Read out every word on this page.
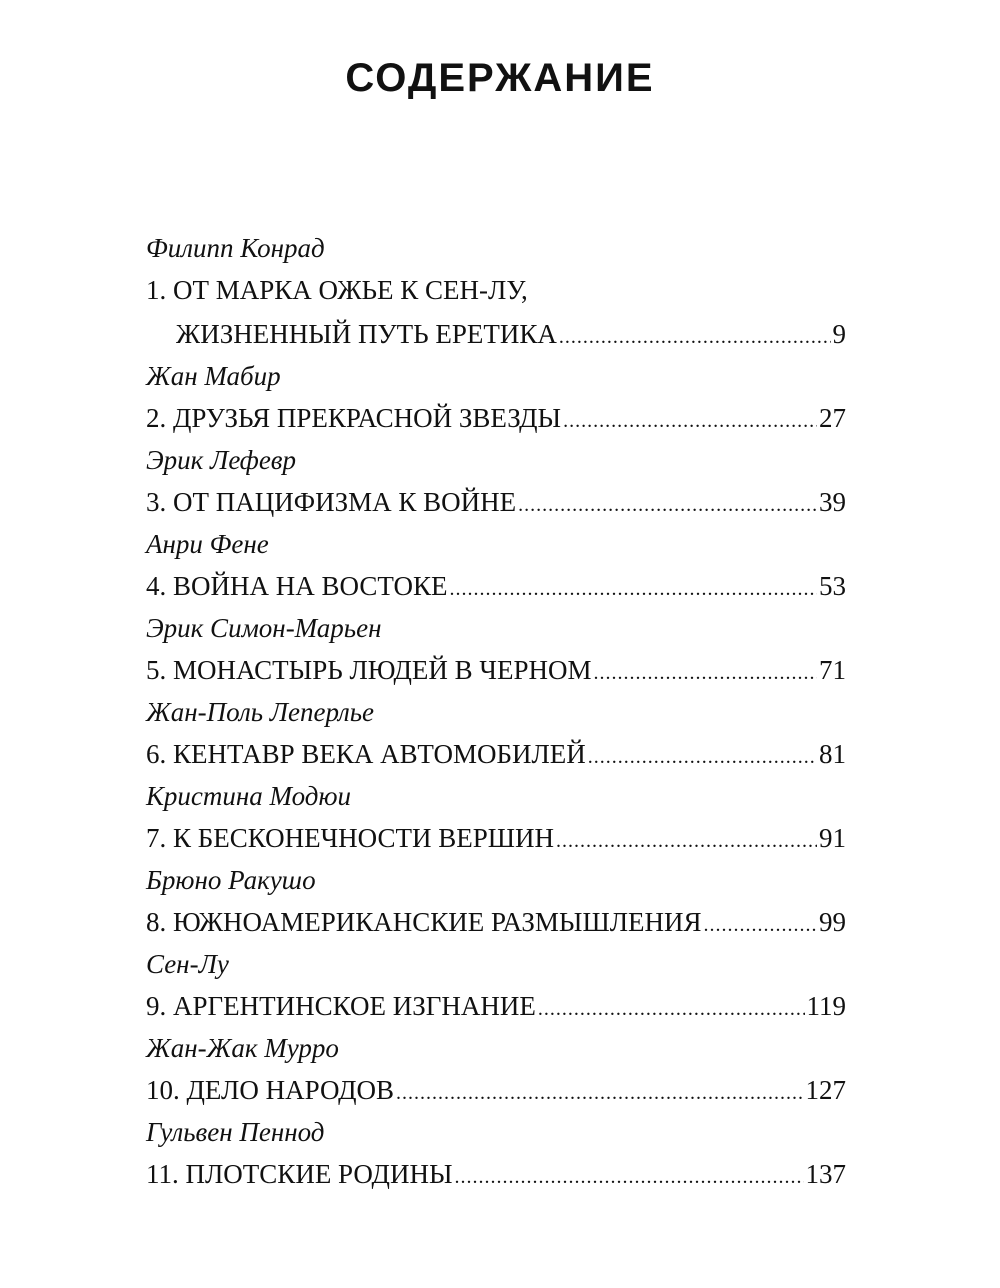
СОДЕРЖАНИЕ
Филипп Конрад
1. ОТ МАРКА ОЖЬЕ К СЕН-ЛУ,
ЖИЗНЕННЫЙ ПУТЬ ЕРЕТИКА .....	9
Жан Мабир
2. ДРУЗЬЯ ПРЕКРАСНОЙ ЗВЕЗДЫ .....	27
Эрик Лефевр
3. ОТ ПАЦИФИЗМА К ВОЙНЕ .....	39
Анри Фене
4. ВОЙНА НА ВОСТОКЕ .....	53
Эрик Симон-Марьен
5. МОНАСТЫРЬ ЛЮДЕЙ В ЧЕРНОМ .....	71
Жан-Поль Леперлье
6. КЕНТАВР ВЕКА АВТОМОБИЛЕЙ .....	81
Кристина Модюи
7. К БЕСКОНЕЧНОСТИ ВЕРШИН .....	91
Брюно Ракушо
8. ЮЖНОАМЕРИКАНСКИЕ РАЗМЫШЛЕНИЯ .....	99
Сен-Лу
9. АРГЕНТИНСКОЕ ИЗГНАНИЕ .....	119
Жан-Жак Мурро
10. ДЕЛО НАРОДОВ .....	127
Гульвен Пеннод
11. ПЛОТСКИЕ РОДИНЫ .....	137
